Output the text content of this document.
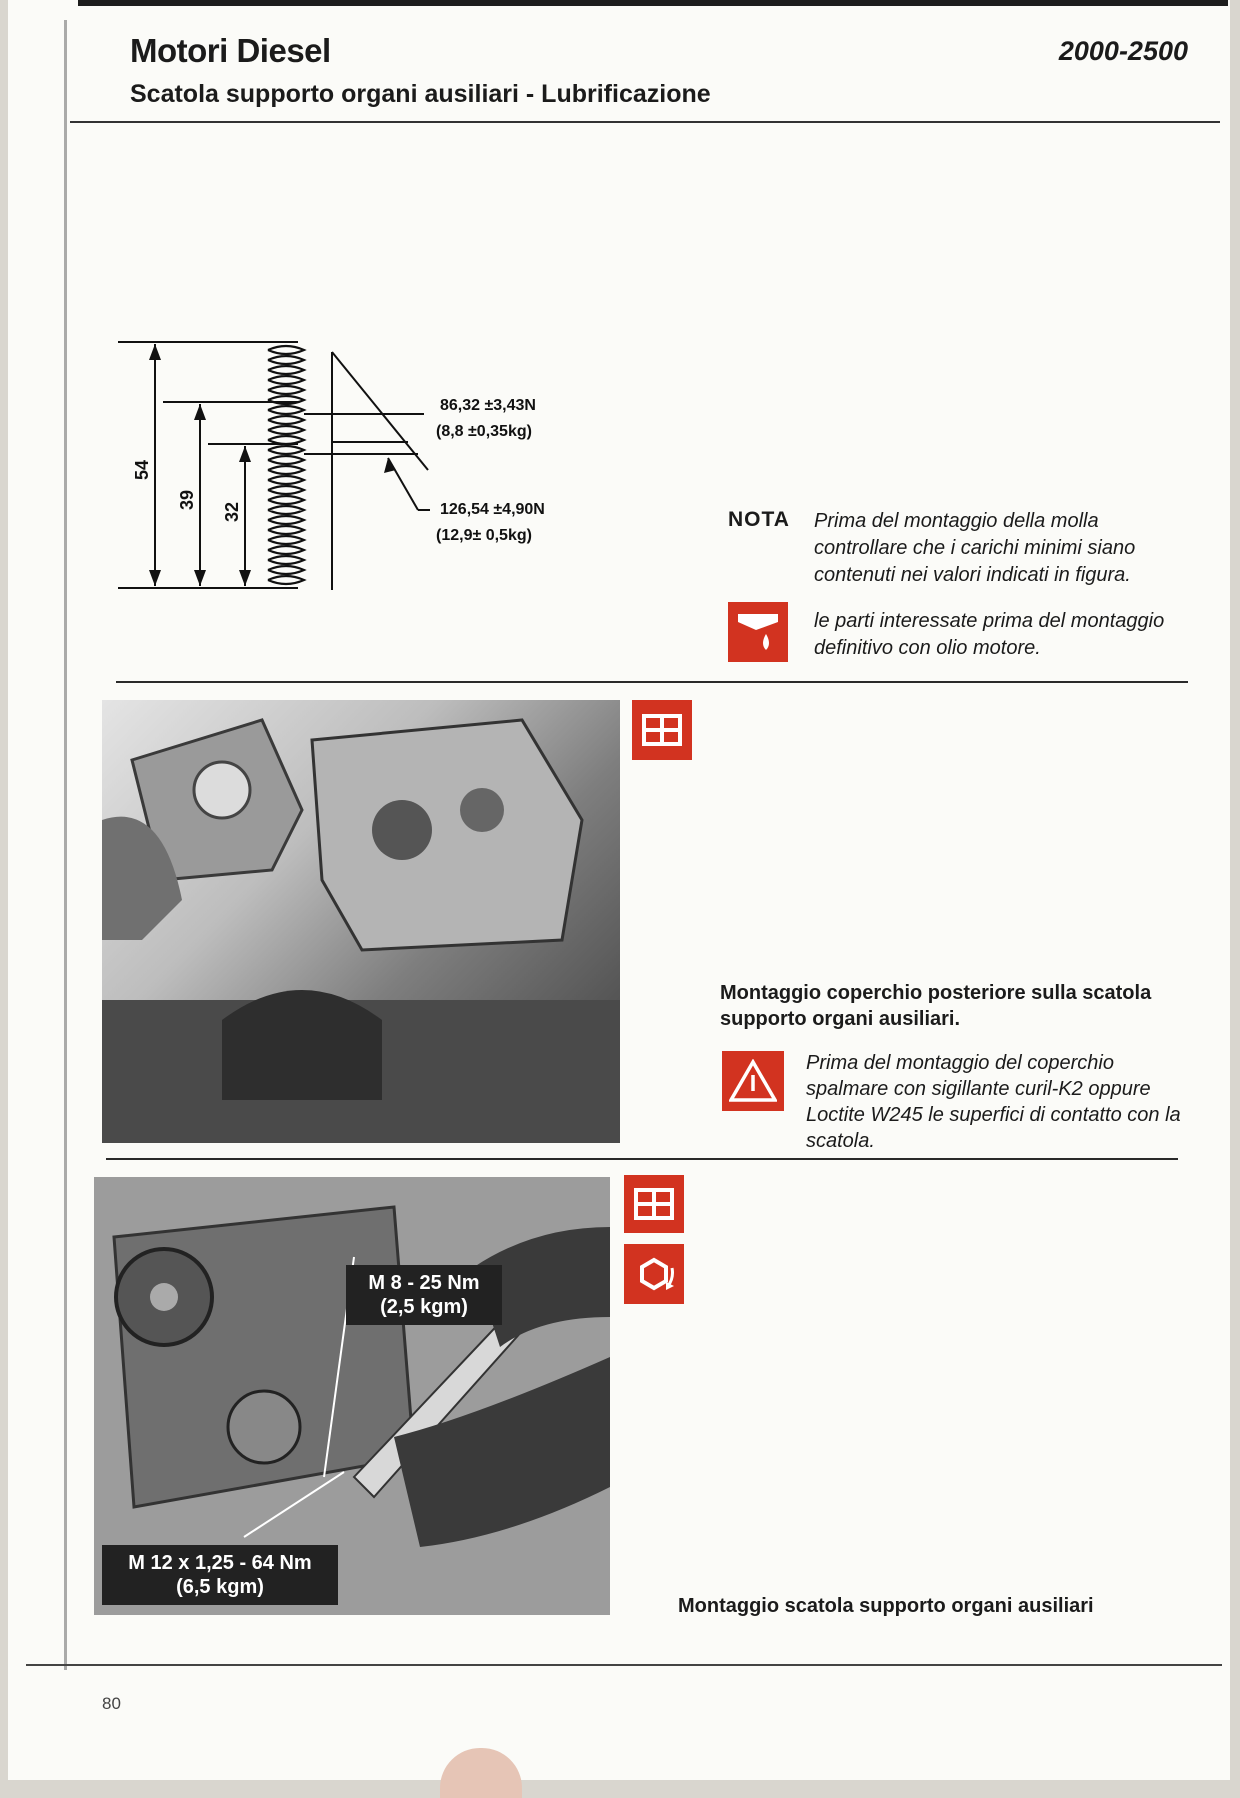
Motori Diesel
Scatola supporto organi ausiliari - Lubrificazione
2000-2500
54
39
32
86,32 ±3,43N
(8,8 ±0,35kg)
126,54 ±4,90N
(12,9± 0,5kg)
NOTA Prima del montaggio della molla controllare che i carichi minimi siano contenuti nei valori indicati in figura.
le parti interessate prima del montaggio definitivo con olio motore.
Montaggio coperchio posteriore sulla scatola supporto organi ausiliari.
Prima del montaggio del coperchio spalmare con sigillante curil-K2 oppure Loctite W245 le superfici di contatto con la scatola.
M 8 - 25 Nm
(2,5 kgm)
M 12 x 1,25 - 64 Nm
(6,5 kgm)
Montaggio scatola supporto organi ausiliari
80
